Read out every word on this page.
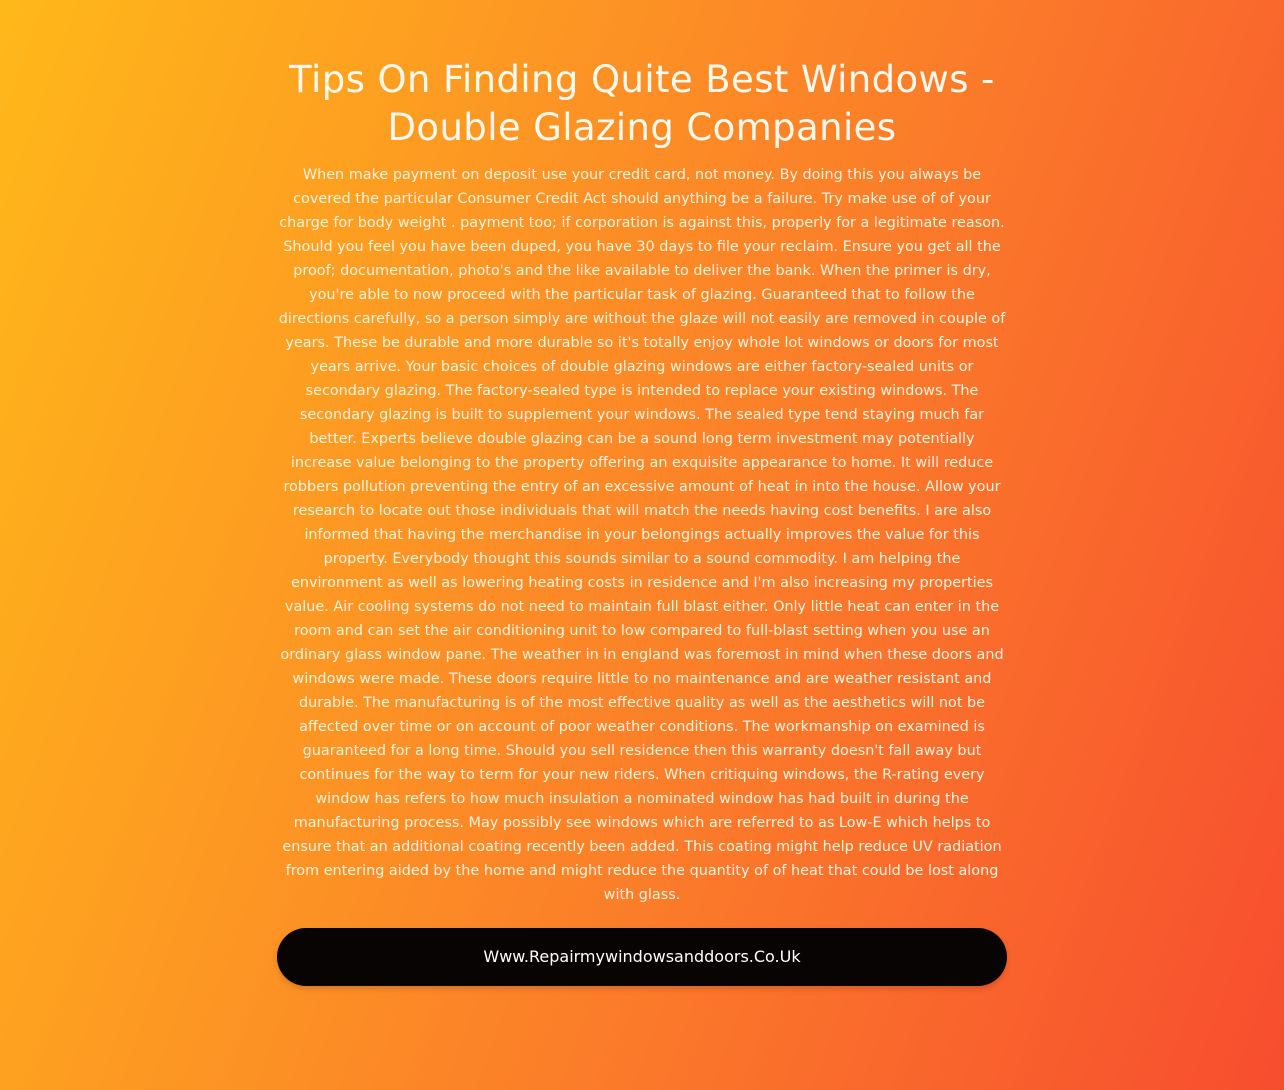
Tips On Finding Quite Best Windows - Double Glazing Companies

When make payment on deposit use your credit card, not money. By doing this you always be covered the particular Consumer Credit Act should anything be a failure. Try make use of of your charge for body weight . payment too; if corporation is against this, properly for a legitimate reason. Should you feel you have been duped, you have 30 days to file your reclaim. Ensure you get all the proof; documentation, photo's and the like available to deliver the bank. When the primer is dry, you're able to now proceed with the particular task of glazing. Guaranteed that to follow the directions carefully, so a person simply are without the glaze will not easily are removed in couple of years. These be durable and more durable so it's totally enjoy whole lot windows or doors for most years arrive. Your basic choices of double glazing windows are either factory-sealed units or secondary glazing. The factory-sealed type is intended to replace your existing windows. The secondary glazing is built to supplement your windows. The sealed type tend staying much far better. Experts believe double glazing can be a sound long term investment may potentially increase value belonging to the property offering an exquisite appearance to home. It will reduce robbers pollution preventing the entry of an excessive amount of heat in into the house. Allow your research to locate out those individuals that will match the needs having cost benefits. I are also informed that having the merchandise in your belongings actually improves the value for this property. Everybody thought this sounds similar to a sound commodity. I am helping the environment as well as lowering heating costs in residence and I'm also increasing my properties value. Air cooling systems do not need to maintain full blast either. Only little heat can enter in the room and can set the air conditioning unit to low compared to full-blast setting when you use an ordinary glass window pane. The weather in in england was foremost in mind when these doors and windows were made. These doors require little to no maintenance and are weather resistant and durable. The manufacturing is of the most effective quality as well as the aesthetics will not be affected over time or on account of poor weather conditions. The workmanship on examined is guaranteed for a long time. Should you sell residence then this warranty doesn't fall away but continues for the way to term for your new riders. When critiquing windows, the R-rating every window has refers to how much insulation a nominated window has had built in during the manufacturing process. May possibly see windows which are referred to as Low-E which helps to ensure that an additional coating recently been added. This coating might help reduce UV radiation from entering aided by the home and might reduce the quantity of of heat that could be lost along with glass.

Www.Repairmywindowsanddoors.Co.Uk
